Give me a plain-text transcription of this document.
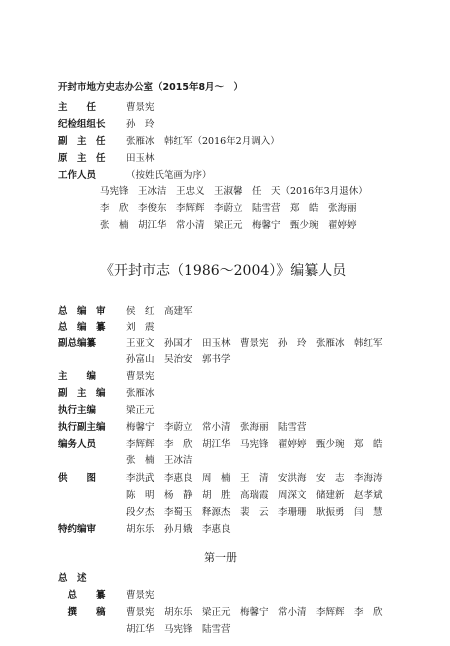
开封市地方史志办公室（2015年8月～　）
主　　任	曹景宪
纪检组组长 孙　玲
副　主　任 张雁冰　韩红军（2016年2月调入）
原　主　任 田玉林
工作人员	（按姓氏笔画为序）
马宪锋　王冰洁　王忠义　王淑馨　任　天（2016年3月退休）
李　欣　李俊东　李辉辉　李蔚立　陆雪营　郑　皓　张海丽
张　楠　胡江华　常小清　梁正元　梅馨宁　甄少琬　翟婷婷
《开封市志（1986～2004）》编纂人员
总　编　审 侯　红　高建军
总　编　纂 刘　震
副总编纂	王亚文　孙国才　田玉林　曹景宪　孙　玲　张雁冰　韩红军
孙富山　吴治安　郭书学
主　　编	曹景宪
副　主　编 张雁冰
执行主编	梁正元
执行副主编 梅馨宁　李蔚立　常小清　张海丽　陆雪营
编务人员	李辉辉　李　欣　胡江华　马宪锋　翟婷婷　甄少琬　郑　皓
张　楠　王冰洁
供　　图	李洪武　李惠良　周　楠　王　清　安洪海　安　志　李海涛
陈　明　杨　静　胡　胜　高瑞霞　周深文　储建新　赵孝斌
段夕杰　李蜀玉　释源杰　裴　云　李珊珊　耿振勇　闫　慧
特约编审	胡东乐　孙月娥　李惠良
第一册
总　述
　总　　纂 曹景宪
　撰　　稿 曹景宪　胡东乐　梁正元　梅馨宁　常小清　李辉辉　李　欣
胡江华　马宪锋　陆雪营
